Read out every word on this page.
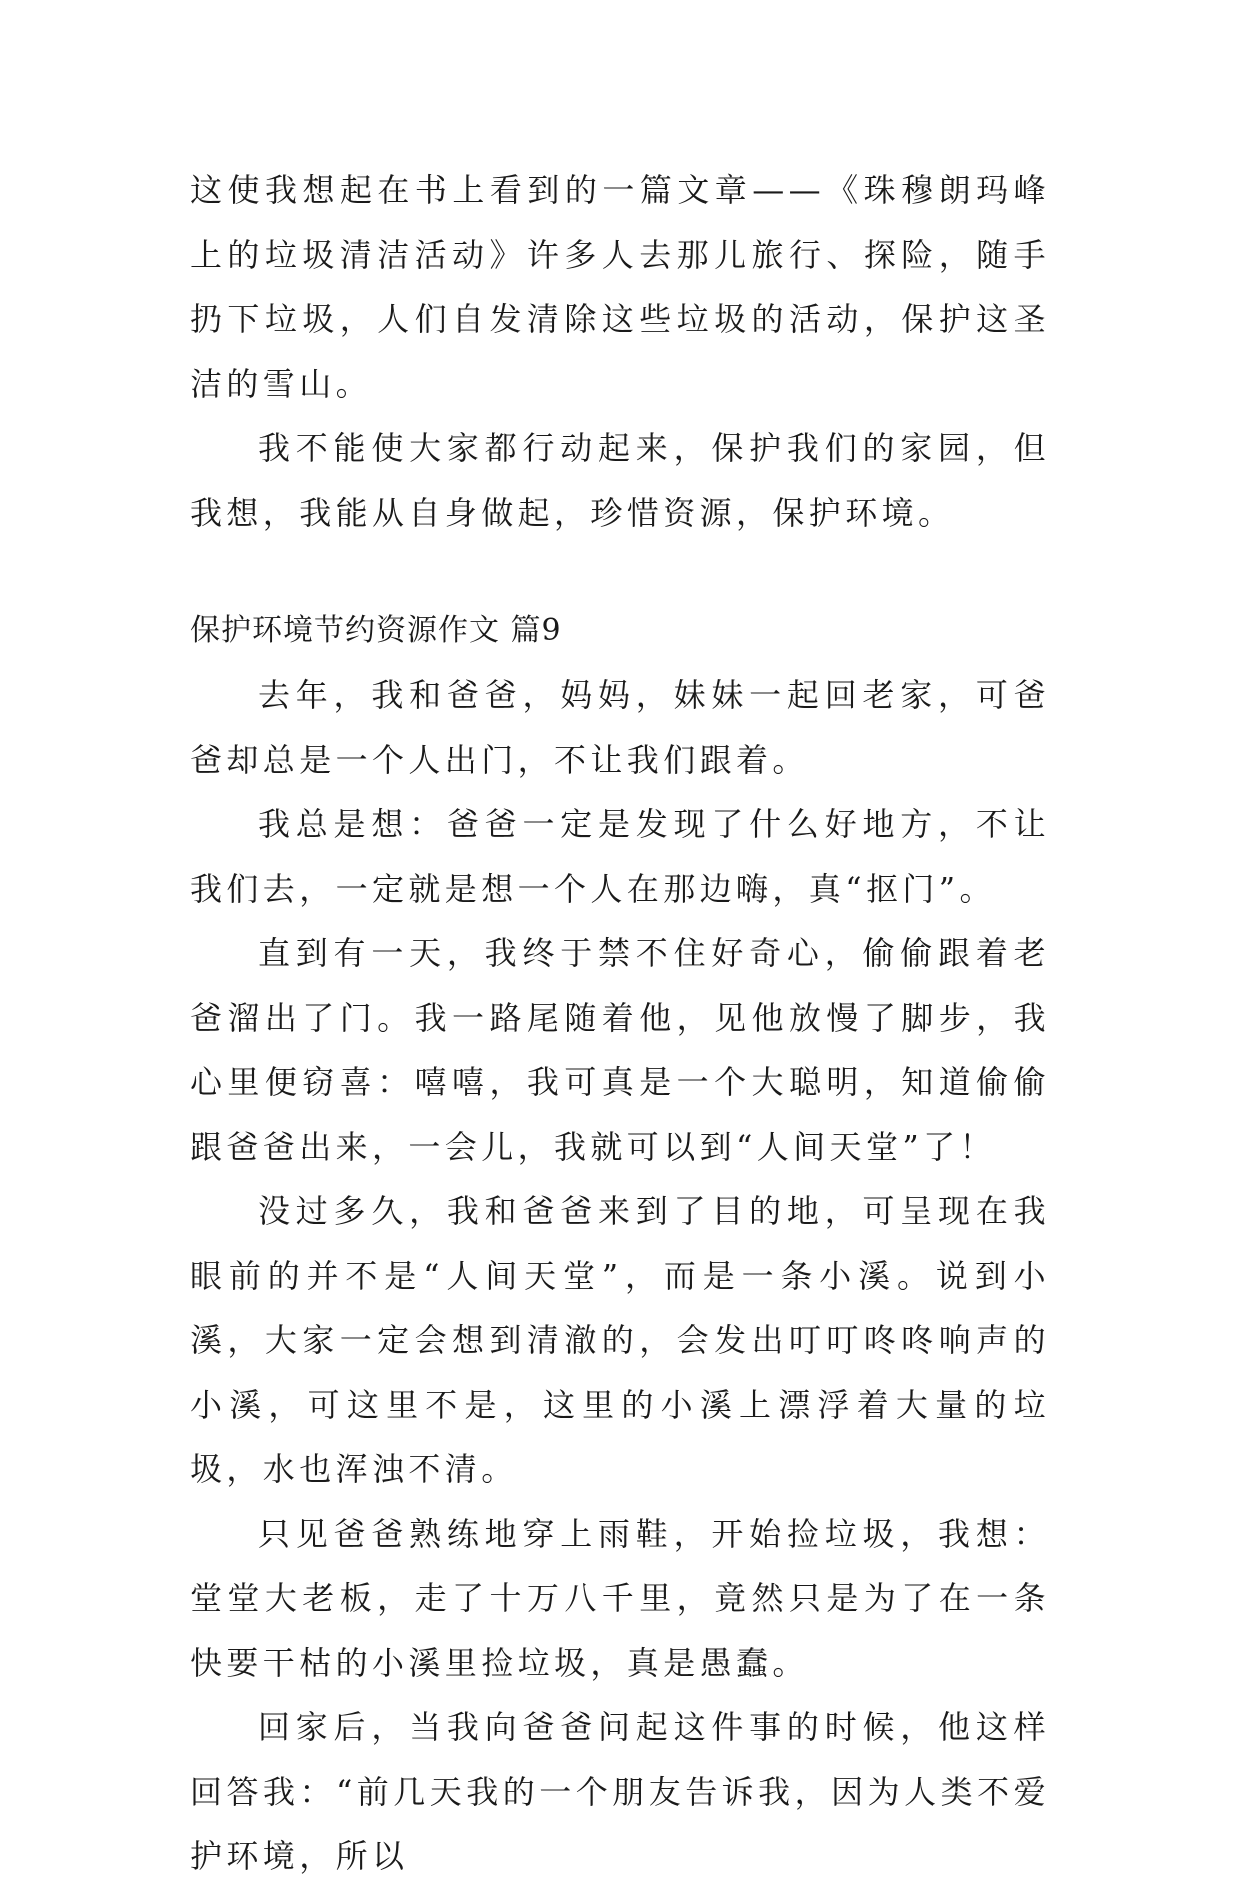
这使我想起在书上看到的一篇文章——《珠穆朗玛峰上的垃圾清洁活动》许多人去那儿旅行、探险，随手扔下垃圾，人们自发清除这些垃圾的活动，保护这圣洁的雪山。

我不能使大家都行动起来，保护我们的家园，但我想，我能从自身做起，珍惜资源，保护环境。

保护环境节约资源作文 篇9

去年，我和爸爸，妈妈，妹妹一起回老家，可爸爸却总是一个人出门，不让我们跟着。

我总是想：爸爸一定是发现了什么好地方，不让我们去，一定就是想一个人在那边嗨，真“抠门”。

直到有一天，我终于禁不住好奇心，偷偷跟着老爸溜出了门。我一路尾随着他，见他放慢了脚步，我心里便窃喜：嘻嘻，我可真是一个大聪明，知道偷偷跟爸爸出来，一会儿，我就可以到“人间天堂”了！

没过多久，我和爸爸来到了目的地，可呈现在我眼前的并不是“人间天堂”，而是一条小溪。说到小溪，大家一定会想到清澈的，会发出叮叮咚咚响声的小溪，可这里不是，这里的小溪上漂浮着大量的垃圾，水也浑浊不清。

只见爸爸熟练地穿上雨鞋，开始捡垃圾，我想：堂堂大老板，走了十万八千里，竟然只是为了在一条快要干枯的小溪里捡垃圾，真是愚蠢。

回家后，当我向爸爸问起这件事的时候，他这样回答我：“前几天我的一个朋友告诉我，因为人类不爱护环境，所以
